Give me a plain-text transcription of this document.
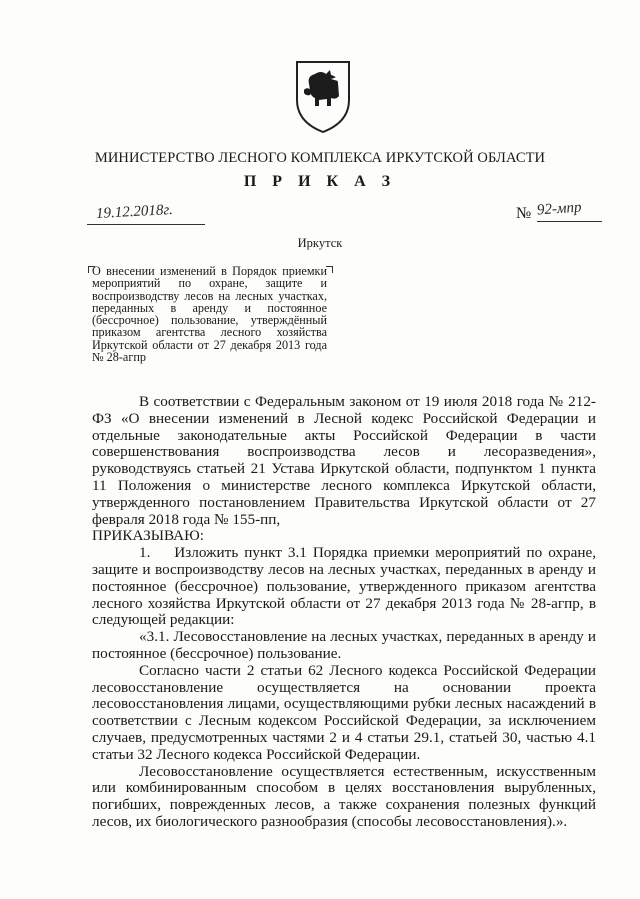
МИНИСТЕРСТВО ЛЕСНОГО КОМПЛЕКСА ИРКУТСКОЙ ОБЛАСТИ
П Р И К А З
19.12.2018г.	№ 92-мпр
Иркутск

О внесении изменений в Порядок приемки мероприятий по охране, защите и воспроизводству лесов на лесных участках, переданных в аренду и постоянное (бессрочное) пользование, утверждённый приказом агентства лесного хозяйства Иркутской области от 27 декабря 2013 года № 28-агпр

В соответствии с Федеральным законом от 19 июля 2018 года № 212-ФЗ «О внесении изменений в Лесной кодекс Российской Федерации и отдельные законодательные акты Российской Федерации в части совершенствования воспроизводства лесов и лесоразведения», руководствуясь статьей 21 Устава Иркутской области, подпунктом 1 пункта 11 Положения о министерстве лесного комплекса Иркутской области, утвержденного постановлением Правительства Иркутской области от 27 февраля 2018 года № 155-пп,

ПРИКАЗЫВАЮ:

1.    Изложить пункт 3.1 Порядка приемки мероприятий по охране, защите и воспроизводству лесов на лесных участках, переданных в аренду и постоянное (бессрочное) пользование, утвержденного приказом агентства лесного хозяйства Иркутской области от 27 декабря 2013 года № 28-агпр, в следующей редакции:

«3.1. Лесовосстановление на лесных участках, переданных в аренду и постоянное (бессрочное) пользование.

Согласно части 2 статьи 62 Лесного кодекса Российской Федерации лесовосстановление осуществляется на основании проекта лесовосстановления лицами, осуществляющими рубки лесных насаждений в соответствии с Лесным кодексом Российской Федерации, за исключением случаев, предусмотренных частями 2 и 4 статьи 29.1, статьей 30, частью 4.1 статьи 32 Лесного кодекса Российской Федерации.

Лесовосстановление осуществляется естественным, искусственным или комбинированным способом в целях восстановления вырубленных, погибших, поврежденных лесов, а также сохранения полезных функций лесов, их биологического разнообразия (способы лесовосстановления).».
